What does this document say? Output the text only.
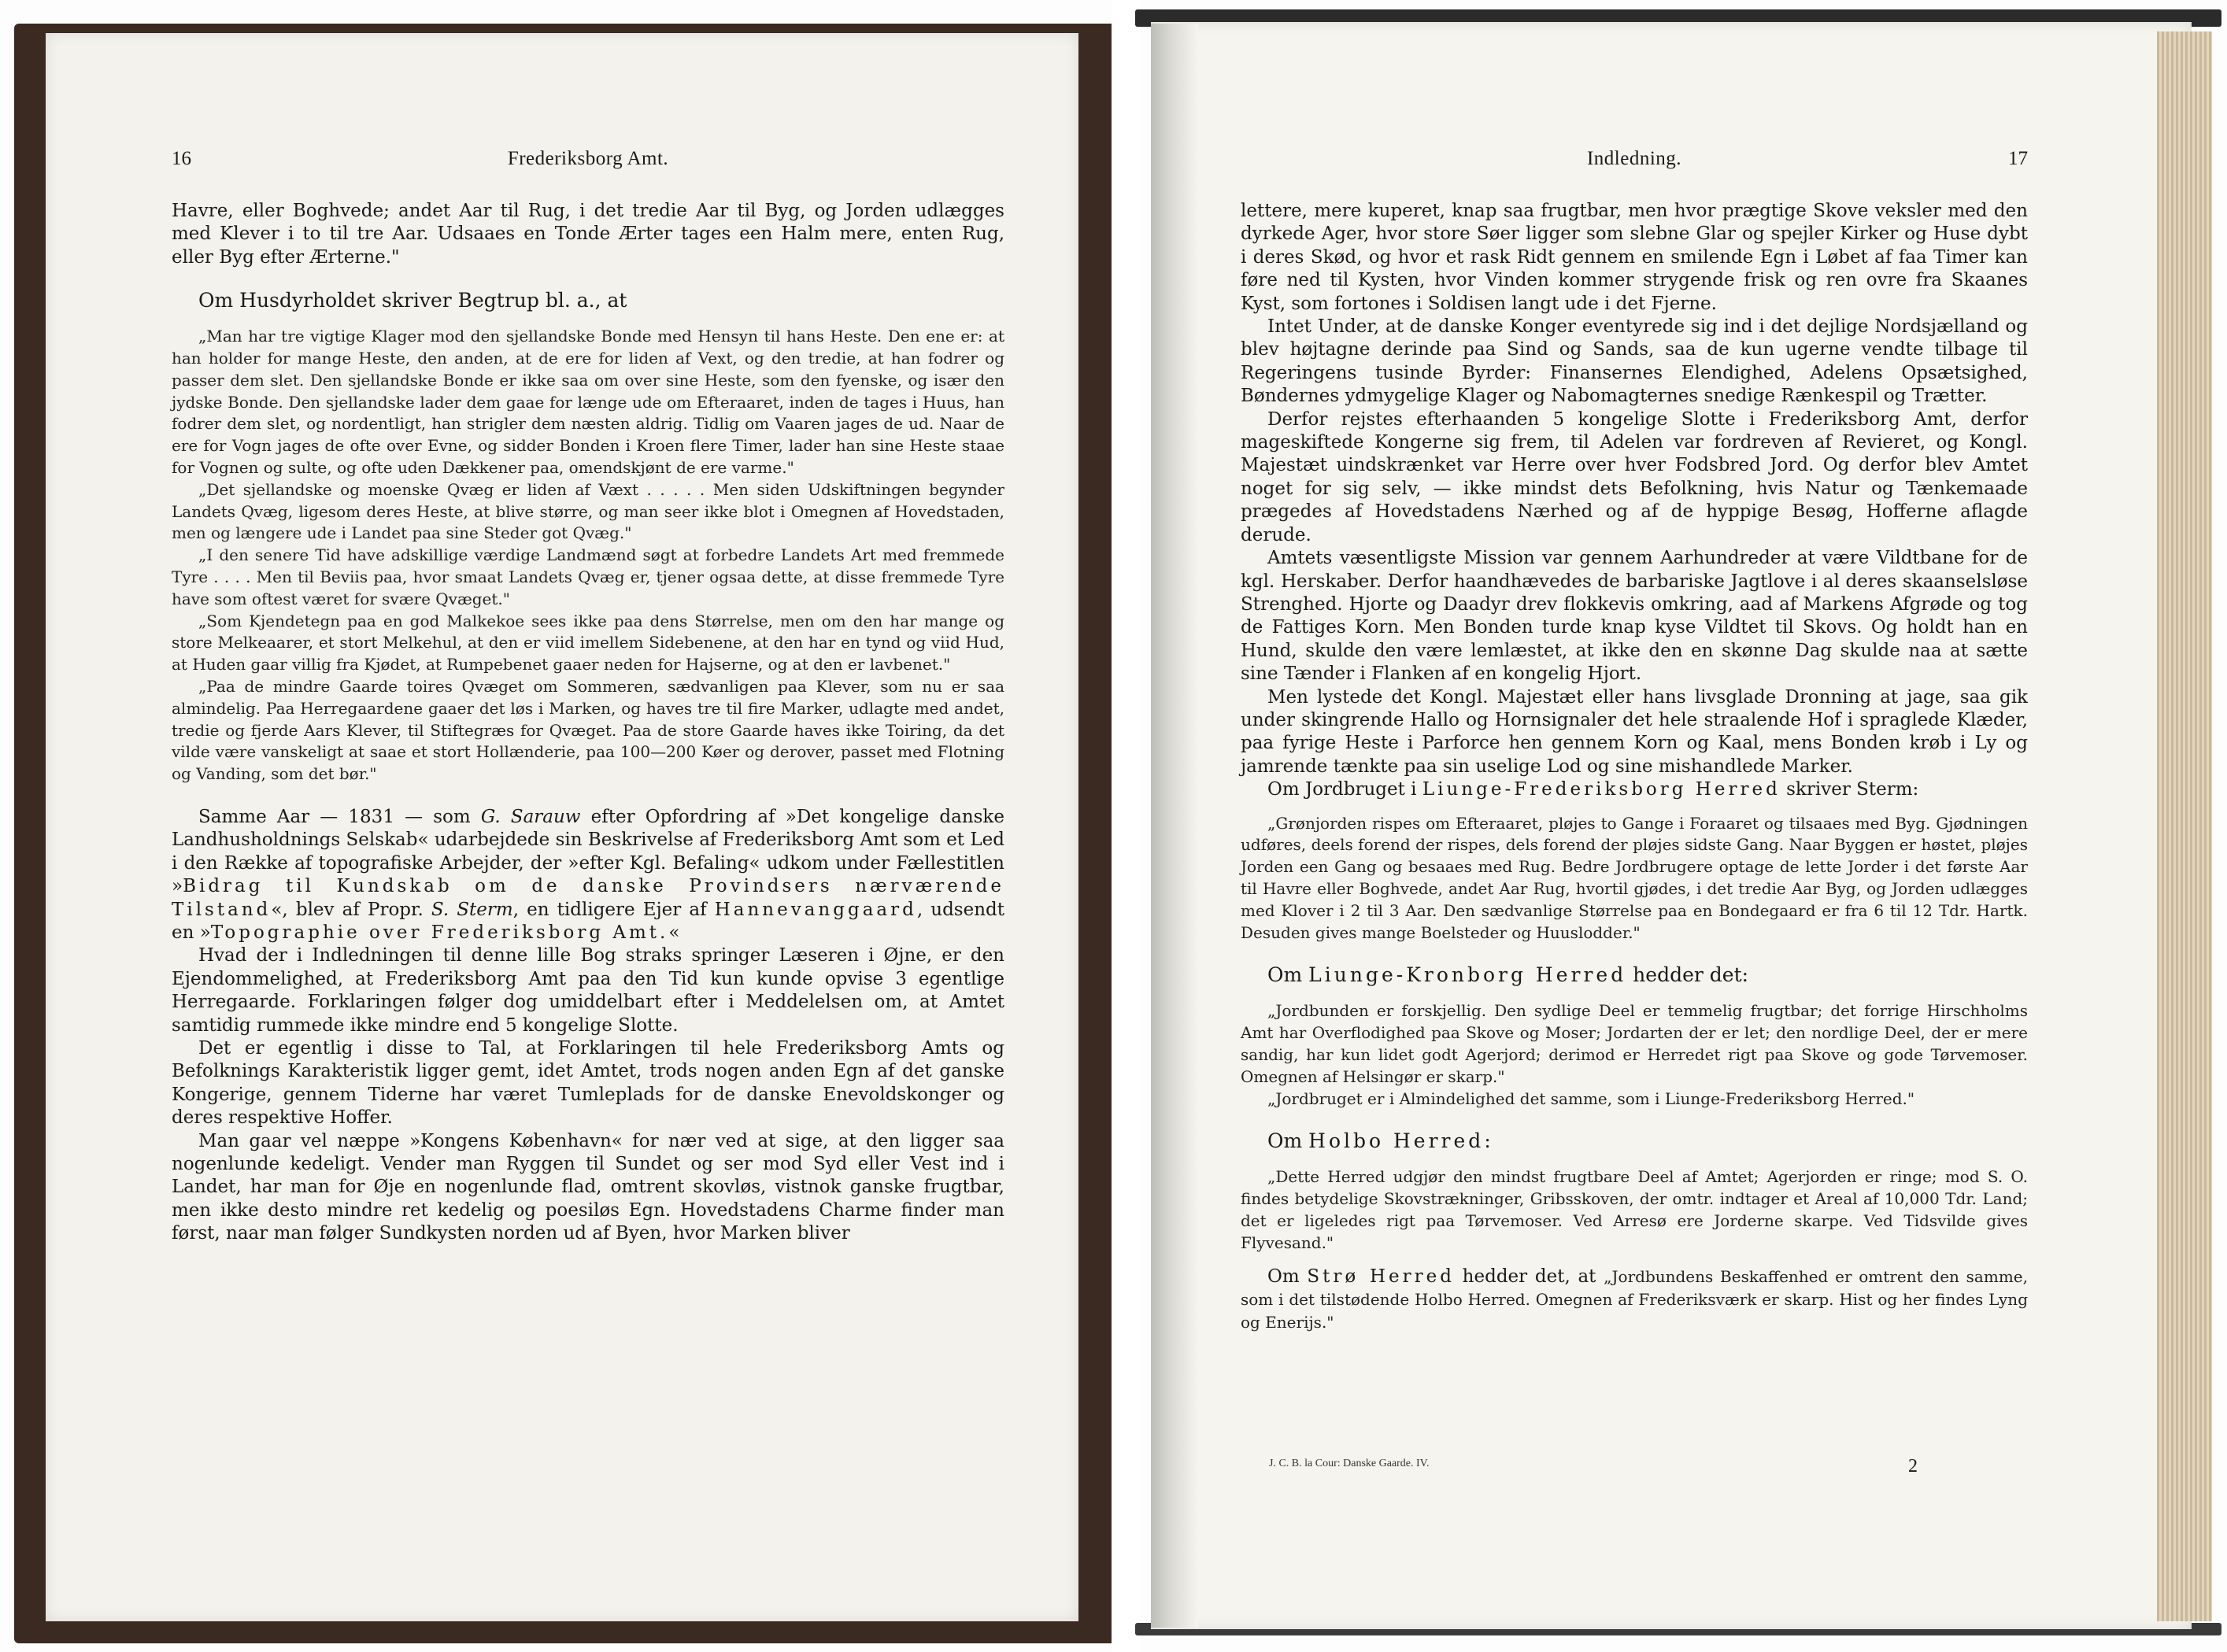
16	Frederiksborg Amt.

Havre, eller Boghvede; andet Aar til Rug, i det tredie Aar til Byg, og Jorden udlægges med Klever i to til tre Aar. Udsaaes en Tonde Ærter tages een Halm mere, enten Rug, eller Byg efter Ærterne."

Om Husdyrholdet skriver Begtrup bl. a., at

„Man har tre vigtige Klager mod den sjellandske Bonde med Hensyn til hans Heste. Den ene er: at han holder for mange Heste, den anden, at de ere for liden af Vext, og den tredie, at han fodrer og passer dem slet. Den sjellandske Bonde er ikke saa om over sine Heste, som den fyenske, og især den jydske Bonde. Den sjellandske lader dem gaae for længe ude om Efteraaret, inden de tages i Huus, han fodrer dem slet, og nordentligt, han strigler dem næsten aldrig. Tidlig om Vaaren jages de ud. Naar de ere for Vogn jages de ofte over Evne, og sidder Bonden i Kroen flere Timer, lader han sine Heste staae for Vognen og sulte, og ofte uden Dækkener paa, omendskjønt de ere varme."

„Det sjellandske og moenske Qvæg er liden af Væxt . . . . . Men siden Udskiftningen begynder Landets Qvæg, ligesom deres Heste, at blive større, og man seer ikke blot i Omegnen af Hovedstaden, men og længere ude i Landet paa sine Steder got Qvæg."

„I den senere Tid have adskillige værdige Landmænd søgt at forbedre Landets Art med fremmede Tyre . . . . Men til Beviis paa, hvor smaat Landets Qvæg er, tjener ogsaa dette, at disse fremmede Tyre have som oftest været for svære Qvæget."

„Som Kjendetegn paa en god Malkekoe sees ikke paa dens Størrelse, men om den har mange og store Melkeaarer, et stort Melkehul, at den er viid imellem Sidebenene, at den har en tynd og viid Hud, at Huden gaar villig fra Kjødet, at Rumpebenet gaaer neden for Hajserne, og at den er lavbenet."

„Paa de mindre Gaarde toires Qvæget om Sommeren, sædvanligen paa Klever, som nu er saa almindelig. Paa Herregaardene gaaer det løs i Marken, og haves tre til fire Marker, udlagte med andet, tredie og fjerde Aars Klever, til Stiftegræs for Qvæget. Paa de store Gaarde haves ikke Toiring, da det vilde være vanskeligt at saae et stort Hollænderie, paa 100—200 Køer og derover, passet med Flotning og Vanding, som det bør."

Samme Aar — 1831 — som G. Sarauw efter Opfordring af »Det kongelige danske Landhusholdnings Selskab« udarbejdede sin Beskrivelse af Frederiksborg Amt som et Led i den Række af topografiske Arbejder, der »efter Kgl. Befaling« udkom under Fællestitlen »Bidrag til Kundskab om de danske Provindsers nærværende Tilstand«, blev af Propr. S. Sterm, en tidligere Ejer af Hannevanggaard, udsendt en »Topographie over Frederiksborg Amt.«

Hvad der i Indledningen til denne lille Bog straks springer Læseren i Øjne, er den Ejendommelighed, at Frederiksborg Amt paa den Tid kun kunde opvise 3 egentlige Herregaarde. Forklaringen følger dog umiddelbart efter i Meddelelsen om, at Amtet samtidig rummede ikke mindre end 5 kongelige Slotte.

Det er egentlig i disse to Tal, at Forklaringen til hele Frederiksborg Amts og Befolknings Karakteristik ligger gemt, idet Amtet, trods nogen anden Egn af det ganske Kongerige, gennem Tiderne har været Tumleplads for de danske Enevoldskonger og deres respektive Hoffer.

Man gaar vel næppe »Kongens København« for nær ved at sige, at den ligger saa nogenlunde kedeligt. Vender man Ryggen til Sundet og ser mod Syd eller Vest ind i Landet, har man for Øje en nogenlunde flad, omtrent skovløs, vistnok ganske frugtbar, men ikke desto mindre ret kedelig og poesiløs Egn. Hovedstadens Charme finder man først, naar man følger Sundkysten norden ud af Byen, hvor Marken bliver

Indledning.	17

lettere, mere kuperet, knap saa frugtbar, men hvor prægtige Skove veksler med den dyrkede Ager, hvor store Søer ligger som slebne Glar og spejler Kirker og Huse dybt i deres Skød, og hvor et rask Ridt gennem en smilende Egn i Løbet af faa Timer kan føre ned til Kysten, hvor Vinden kommer strygende frisk og ren ovre fra Skaanes Kyst, som fortones i Soldisen langt ude i det Fjerne.

Intet Under, at de danske Konger eventyrede sig ind i det dejlige Nordsjælland og blev højtagne derinde paa Sind og Sands, saa de kun ugerne vendte tilbage til Regeringens tusinde Byrder: Finansernes Elendighed, Adelens Opsætsighed, Bøndernes ydmygelige Klager og Nabomagternes snedige Rænkespil og Trætter.

Derfor rejstes efterhaanden 5 kongelige Slotte i Frederiksborg Amt, derfor mageskiftede Kongerne sig frem, til Adelen var fordreven af Revieret, og Kongl. Majestæt uindskrænket var Herre over hver Fodsbred Jord. Og derfor blev Amtet noget for sig selv, — ikke mindst dets Befolkning, hvis Natur og Tænkemaade prægedes af Hovedstadens Nærhed og af de hyppige Besøg, Hofferne aflagde derude.

Amtets væsentligste Mission var gennem Aarhundreder at være Vildtbane for de kgl. Herskaber. Derfor haandhævedes de barbariske Jagtlove i al deres skaanselsløse Strenghed. Hjorte og Daadyr drev flokkevis omkring, aad af Markens Afgrøde og tog de Fattiges Korn. Men Bonden turde knap kyse Vildtet til Skovs. Og holdt han en Hund, skulde den være lemlæstet, at ikke den en skønne Dag skulde naa at sætte sine Tænder i Flanken af en kongelig Hjort.

Men lystede det Kongl. Majestæt eller hans livsglade Dronning at jage, saa gik under skingrende Hallo og Hornsignaler det hele straalende Hof i spraglede Klæder, paa fyrige Heste i Parforce hen gennem Korn og Kaal, mens Bonden krøb i Ly og jamrende tænkte paa sin uselige Lod og sine mishandlede Marker.

Om Jordbruget i Liunge-Frederiksborg Herred skriver Sterm:

„Grønjorden rispes om Efteraaret, pløjes to Gange i Foraaret og tilsaaes med Byg. Gjødningen udføres, deels forend der rispes, dels forend der pløjes sidste Gang. Naar Byggen er høstet, pløjes Jorden een Gang og besaaes med Rug. Bedre Jordbrugere optage de lette Jorder i det første Aar til Havre eller Boghvede, andet Aar Rug, hvortil gjødes, i det tredie Aar Byg, og Jorden udlægges med Klover i 2 til 3 Aar. Den sædvanlige Størrelse paa en Bondegaard er fra 6 til 12 Tdr. Hartk. Desuden gives mange Boelsteder og Huuslodder."

Om Liunge-Kronborg Herred hedder det:

„Jordbunden er forskjellig. Den sydlige Deel er temmelig frugtbar; det forrige Hirschholms Amt har Overflodighed paa Skove og Moser; Jordarten der er let; den nordlige Deel, der er mere sandig, har kun lidet godt Agerjord; derimod er Herredet rigt paa Skove og gode Tørvemoser. Omegnen af Helsingør er skarp."

„Jordbruget er i Almindelighed det samme, som i Liunge-Frederiksborg Herred."

Om Holbo Herred:

„Dette Herred udgjør den mindst frugtbare Deel af Amtet; Agerjorden er ringe; mod S. O. findes betydelige Skovstrækninger, Gribsskoven, der omtr. indtager et Areal af 10,000 Tdr. Land; det er ligeledes rigt paa Tørvemoser. Ved Arresø ere Jorderne skarpe. Ved Tidsvilde gives Flyvesand."

Om Strø Herred hedder det, at „Jordbundens Beskaffenhed er omtrent den samme, som i det tilstødende Holbo Herred. Omegnen af Frederiksværk er skarp. Hist og her findes Lyng og Enerijs."

J. C. B. la Cour: Danske Gaarde. IV.	2
